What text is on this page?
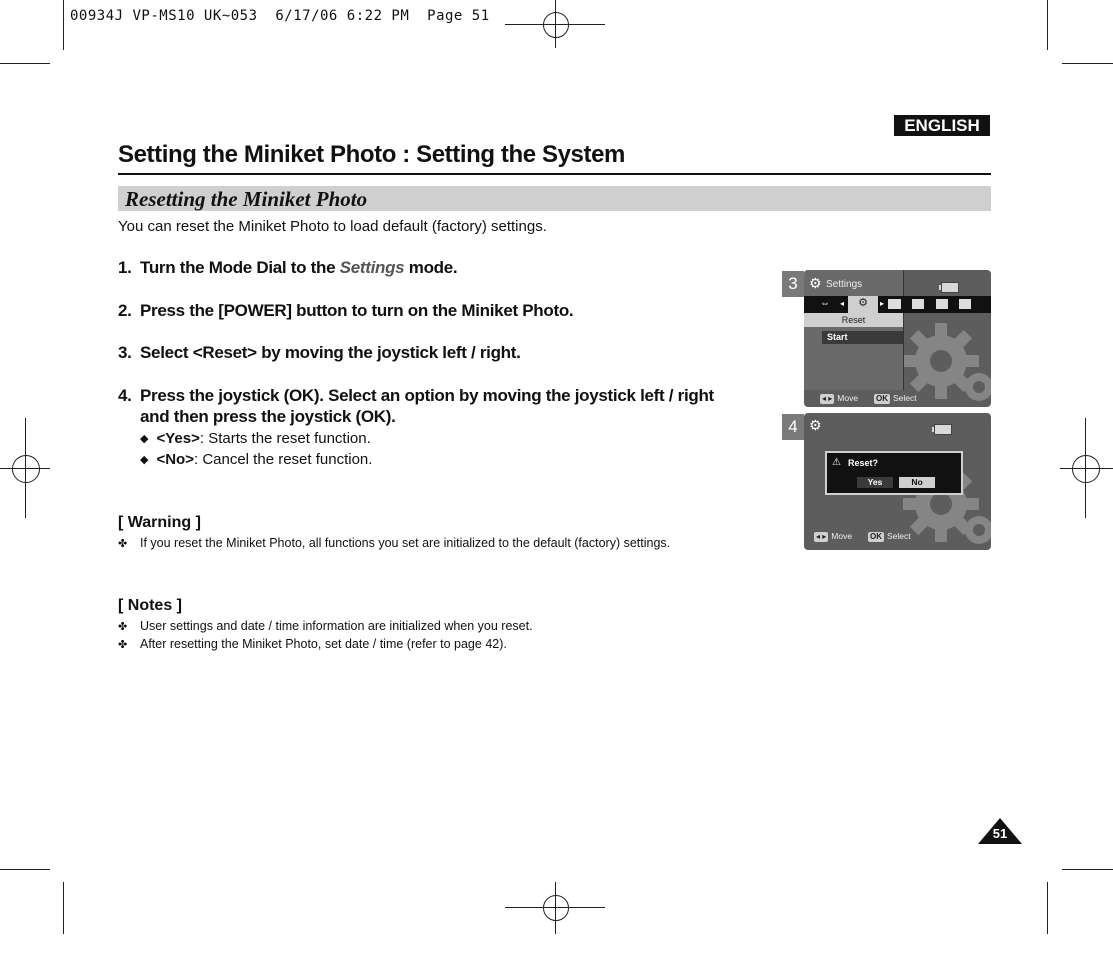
00934J VP-MS10 UK~053  6/17/06 6:22 PM  Page 51
ENGLISH
Setting the Miniket Photo : Setting the System
Resetting the Miniket Photo
You can reset the Miniket Photo to load default (factory) settings.
1. Turn the Mode Dial to the Settings mode.
2. Press the [POWER] button to turn on the Miniket Photo.
3. Select <Reset> by moving the joystick left / right.
4. Press the joystick (OK). Select an option by moving the joystick left / right
and then press the joystick (OK).
◆ <Yes>: Starts the reset function.
◆ <No>: Cancel the reset function.
[ Warning ]
✤ If you reset the Miniket Photo, all functions you set are initialized to the default (factory) settings.
[ Notes ]
✤ User settings and date / time information are initialized when you reset.
✤ After resetting the Miniket Photo, set date / time (refer to page 42).
3 ⚙ Settings
⇔ ◂	⚙	▸
Reset
Start
◂ ▸ Move OK Select
4 ⚙
⚠ Reset?
Yes	No
◂ ▸ Move OK Select
51
